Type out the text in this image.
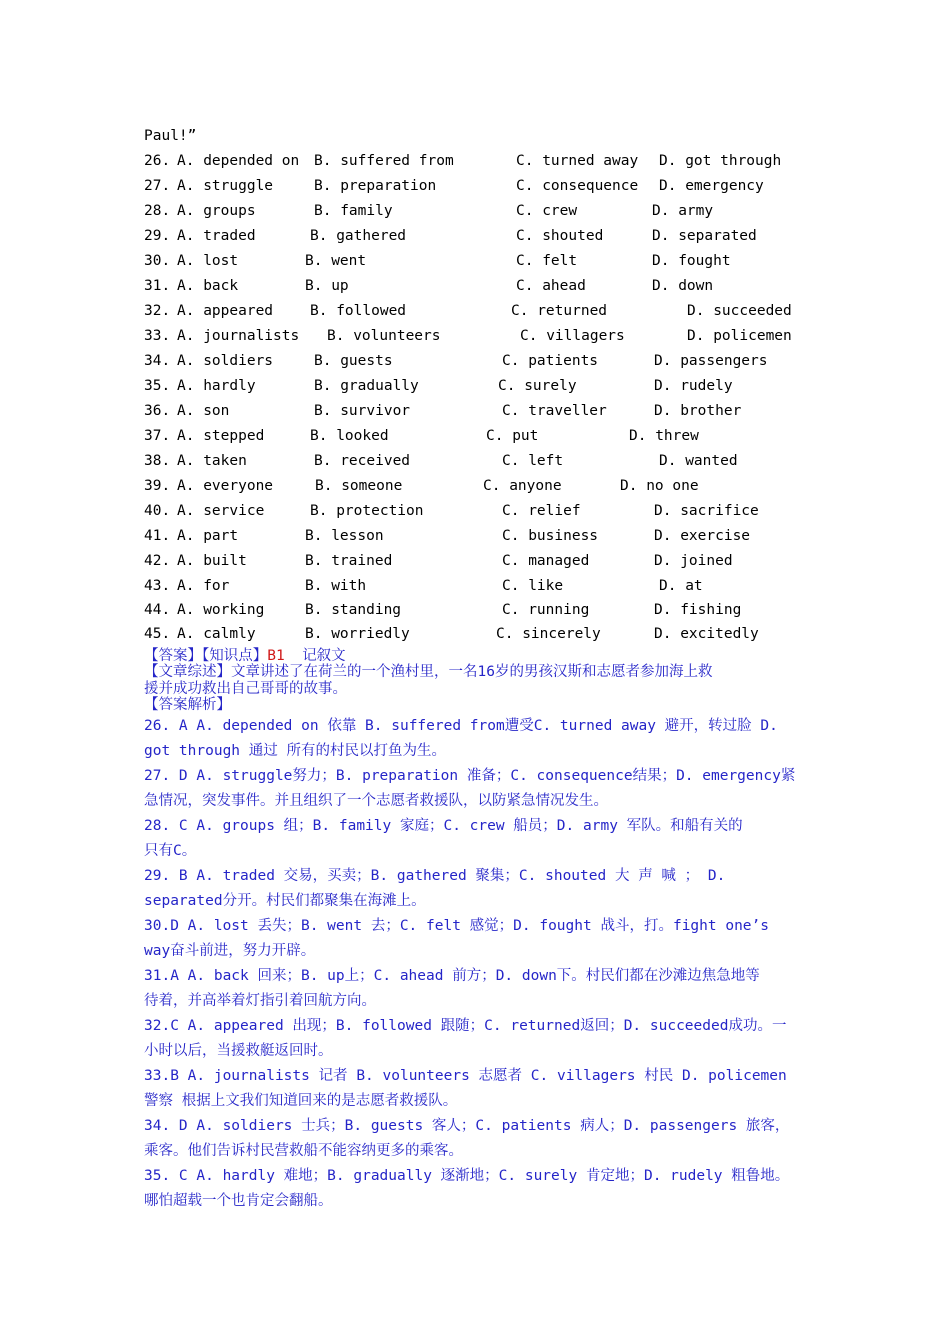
Paul!”
26. A. depended on B. suffered from	C. turned away D. got through
27. A. struggle	B. preparation	C. consequence D. emergency
28. A. groups	B. family	C. crew	D. army
29. A. traded	B. gathered	C. shouted	D. separated
30. A. lost	B. went	C. felt	D. fought
31. A. back	B. up	C. ahead	D. down
32. A. appeared	B. followed	C. returned	D. succeeded
33. A. journalists B. volunteers	C. villagers	D. policemen
34. A. soldiers	B. guests	C. patients	D. passengers
35. A. hardly	B. gradually	C. surely	D. rudely
36. A. son	B. survivor	C. traveller	D. brother
37. A. stepped	B. looked	C. put	D. threw
38. A. taken	B. received	C. left	D. wanted
39. A. everyone	B. someone	C. anyone	D. no one
40. A. service	B. protection	C. relief	D. sacrifice
41. A. part	B. lesson	C. business	D. exercise
42. A. built	B. trained	C. managed	D. joined
43. A. for	B. with	C. like	D. at
44. A. working	B. standing	C. running	D. fishing
45. A. calmly	B. worriedly	C. sincerely	D. excitedly
【答案】【知识点】B1 记叙文
【文章综述】文章讲述了在荷兰的一个渔村里，一名16岁的男孩汉斯和志愿者参加海上救
援并成功救出自己哥哥的故事。
【答案解析】
26. A A. depended on 依靠 B. suffered from遭受C. turned away 避开，转过脸 D.
got through 通过 所有的村民以打鱼为生。
27. D A. struggle努力；B. preparation 准备；C. consequence结果；D. emergency紧
急情况，突发事件。并且组织了一个志愿者救援队，以防紧急情况发生。
28. C A. groups 组；B. family 家庭；C. crew 船员；D. army 军队。和船有关的
只有C。
29. B A. traded 交易，买卖；B. gathered 聚集；C. shouted 大 声 喊 ； D.
separated分开。村民们都聚集在海滩上。
30.D A. lost 丢失；B. went 去；C. felt 感觉；D. fought 战斗，打。fight one’s
way奋斗前进，努力开辟。
31.A A. back 回来；B. up上；C. ahead 前方；D. down下。村民们都在沙滩边焦急地等
待着，并高举着灯指引着回航方向。
32.C A. appeared 出现；B. followed 跟随；C. returned返回；D. succeeded成功。一
小时以后，当援救艇返回时。
33.B A. journalists 记者 B. volunteers 志愿者 C. villagers 村民 D. policemen
警察 根据上文我们知道回来的是志愿者救援队。
34. D A. soldiers 士兵；B. guests 客人；C. patients 病人；D. passengers 旅客，
乘客。他们告诉村民营救船不能容纳更多的乘客。
35. C A. hardly 难地；B. gradually 逐渐地；C. surely 肯定地；D. rudely 粗鲁地。
哪怕超载一个也肯定会翻船。
